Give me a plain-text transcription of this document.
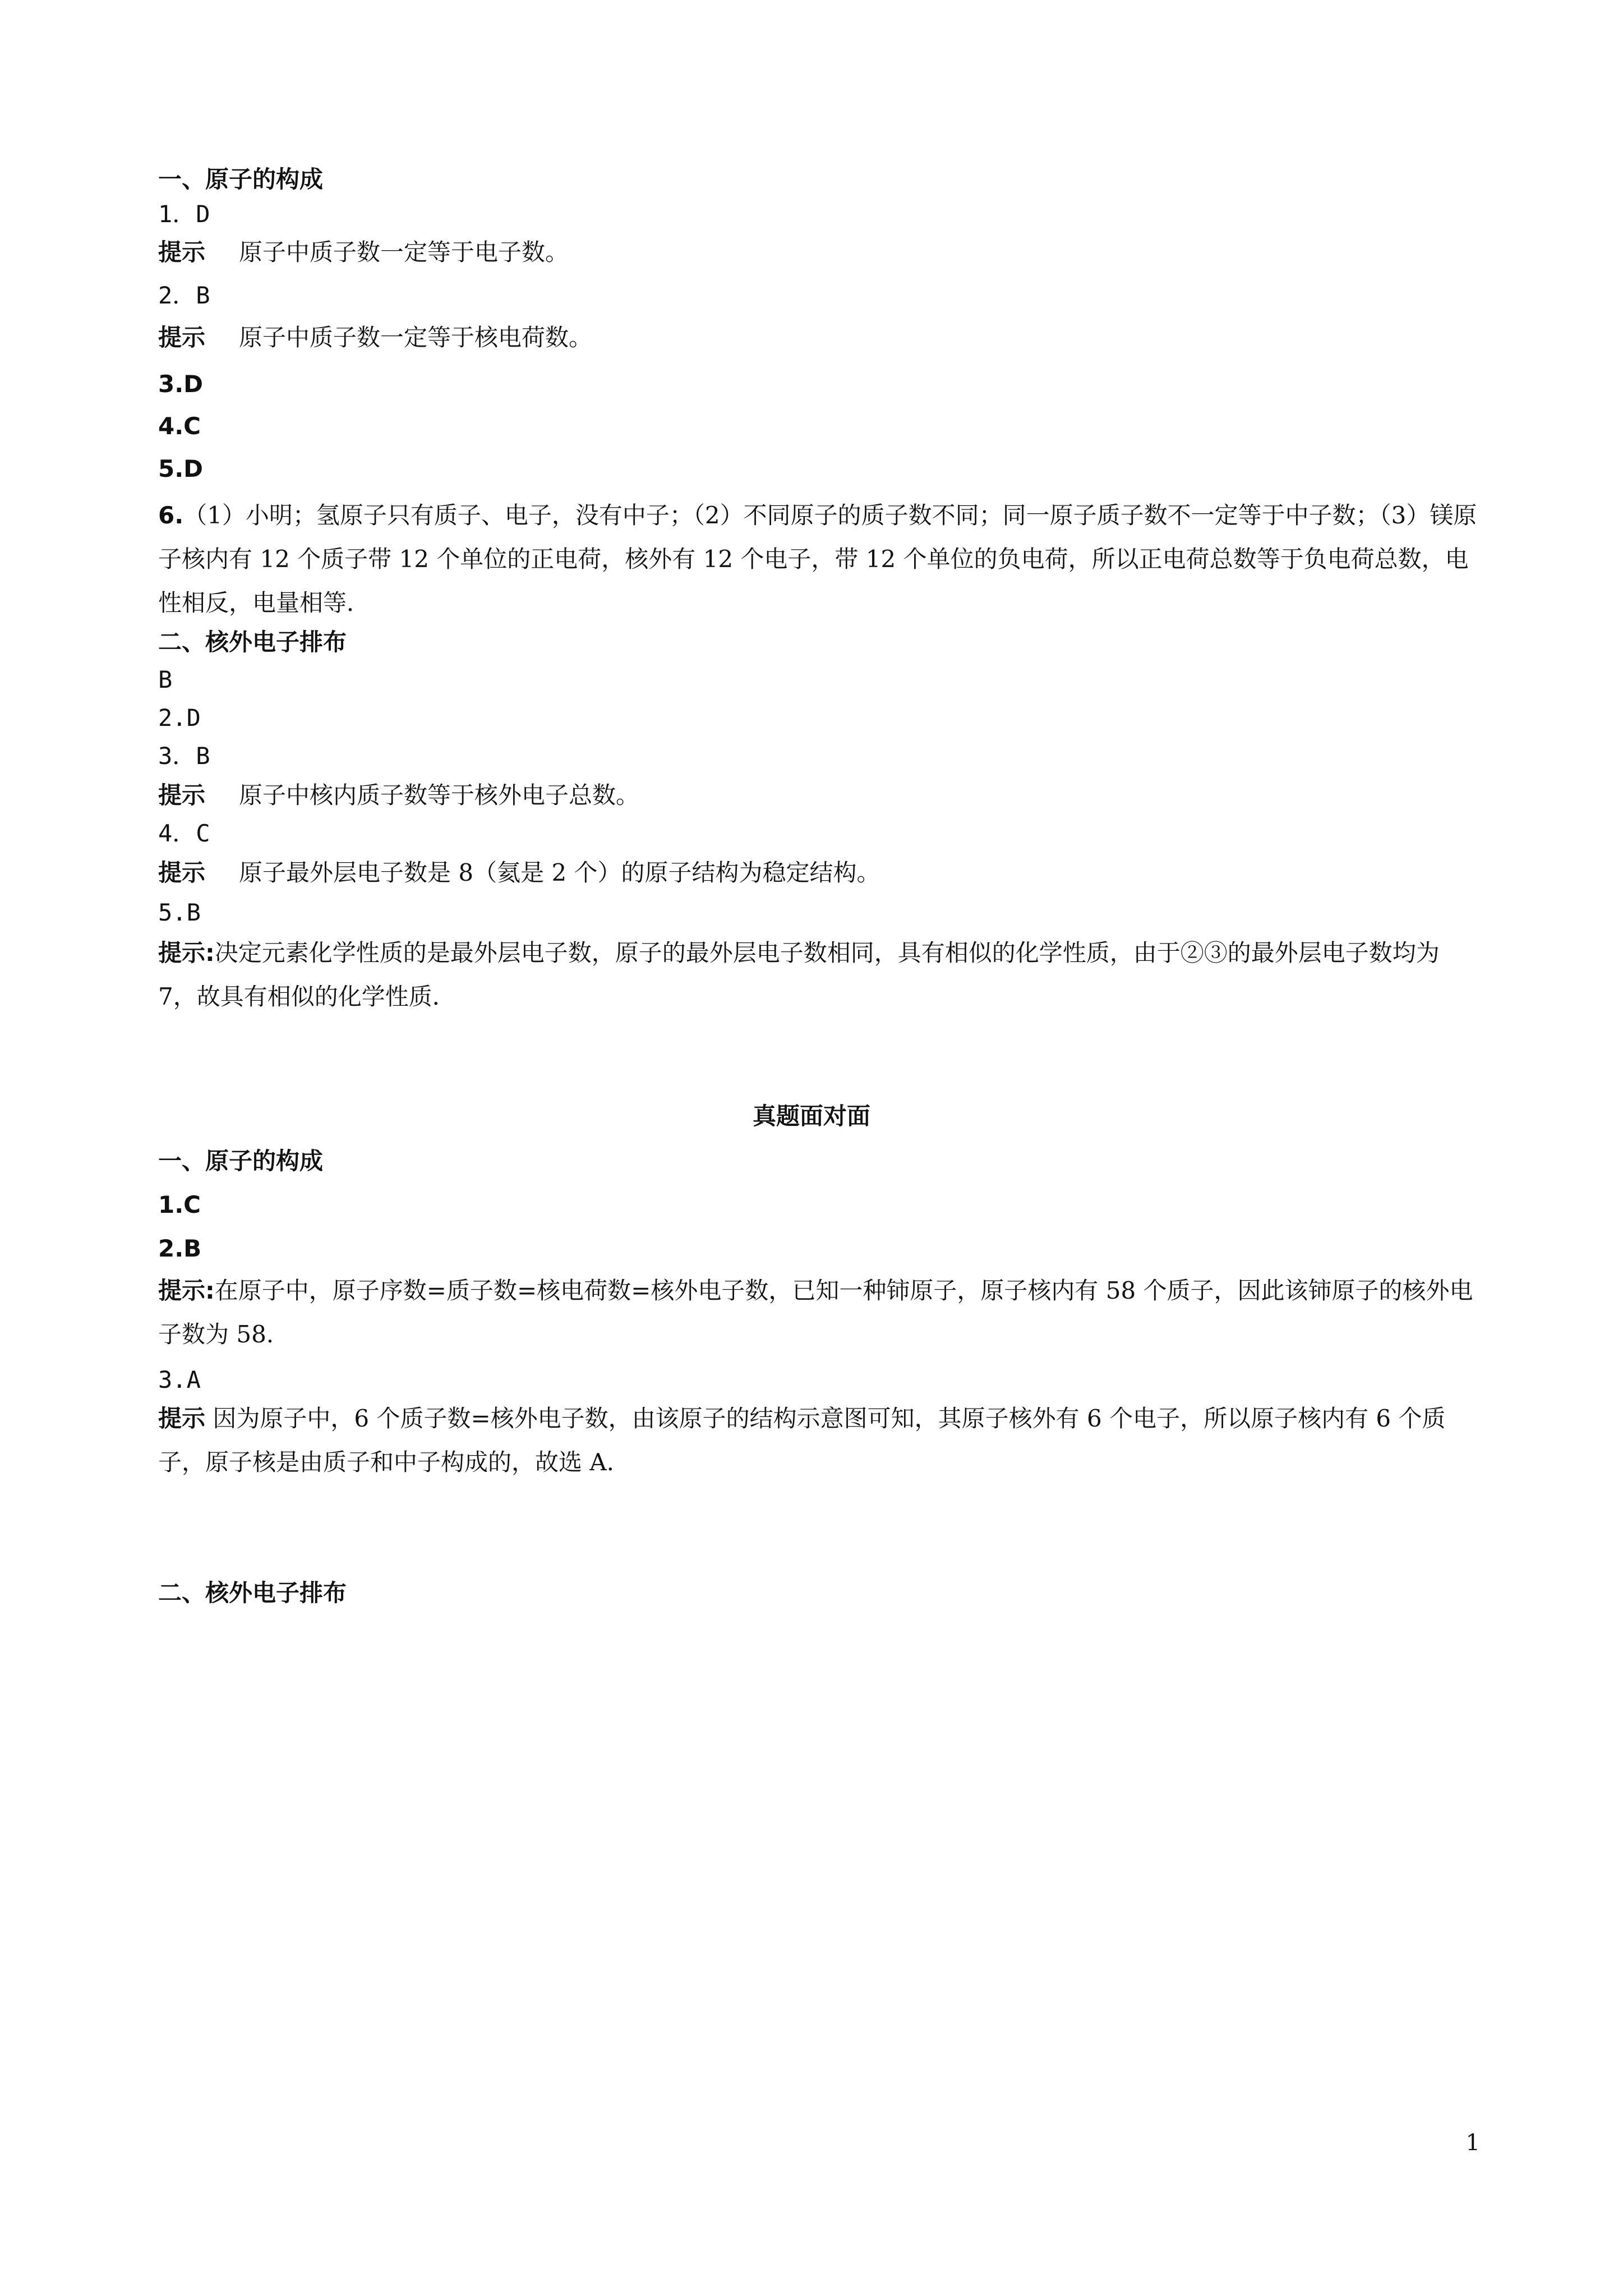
一、原子的构成
1．D
提示 原子中质子数一定等于电子数。
2．B
提示 原子中质子数一定等于核电荷数。
3.D
4.C
5.D
6.（1）小明；氢原子只有质子、电子，没有中子；（2）不同原子的质子数不同；同一原子质子数不一定等于中子数；（3）镁原子核内有 12 个质子带 12 个单位的正电荷，核外有 12 个电子，带 12 个单位的负电荷，所以正电荷总数等于负电荷总数，电性相反，电量相等．
二、核外电子排布
B
2.D
3．B
提示 原子中核内质子数等于核外电子总数。
4．C
提示 原子最外层电子数是 8（氦是 2 个）的原子结构为稳定结构。
5.B
提示:决定元素化学性质的是最外层电子数，原子的最外层电子数相同，具有相似的化学性质，由于②③的最外层电子数均为 7，故具有相似的化学性质．
真题面对面
一、原子的构成
1.C
2.B
提示:在原子中，原子序数=质子数=核电荷数=核外电子数，已知一种铈原子，原子核内有 58 个质子，因此该铈原子的核外电子数为 58.
3.A
提示 因为原子中，6 个质子数=核外电子数，由该原子的结构示意图可知，其原子核外有 6 个电子，所以原子核内有 6 个质子，原子核是由质子和中子构成的，故选 A.
二、核外电子排布
1
